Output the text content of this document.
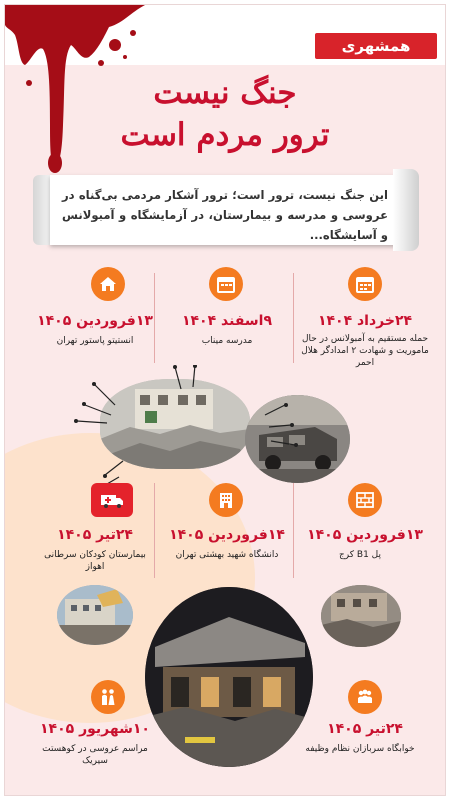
همشهری
جنگ نیست
ترور مردم است
این جنگ نیست، ترور است؛ ترور آشکار مردمی بی‌گناه در عروسی و مدرسه و بیمارستان، در آزمایشگاه و آمبولانس و آسایشگاه...
۲۴خرداد ۱۴۰۴
حمله مستقیم به آمبولانس در حال ماموریت و شهادت ۲ امدادگر هلال احمر
۹اسفند ۱۴۰۴
مدرسه میناب
۱۳فروردین ۱۴۰۵
انستیتو پاستور تهران
۱۳فروردین ۱۴۰۵
پل B1 کرج
۱۴فروردین ۱۴۰۵
دانشگاه شهید بهشتی تهران
۲۴تیر ۱۴۰۵
بیمارستان کودکان سرطانی اهواز
۲۴تیر ۱۴۰۵
خوابگاه سربازان نظام وظیفه
۱۰شهریور ۱۴۰۵
مراسم عروسی در کوهستت سیریک
